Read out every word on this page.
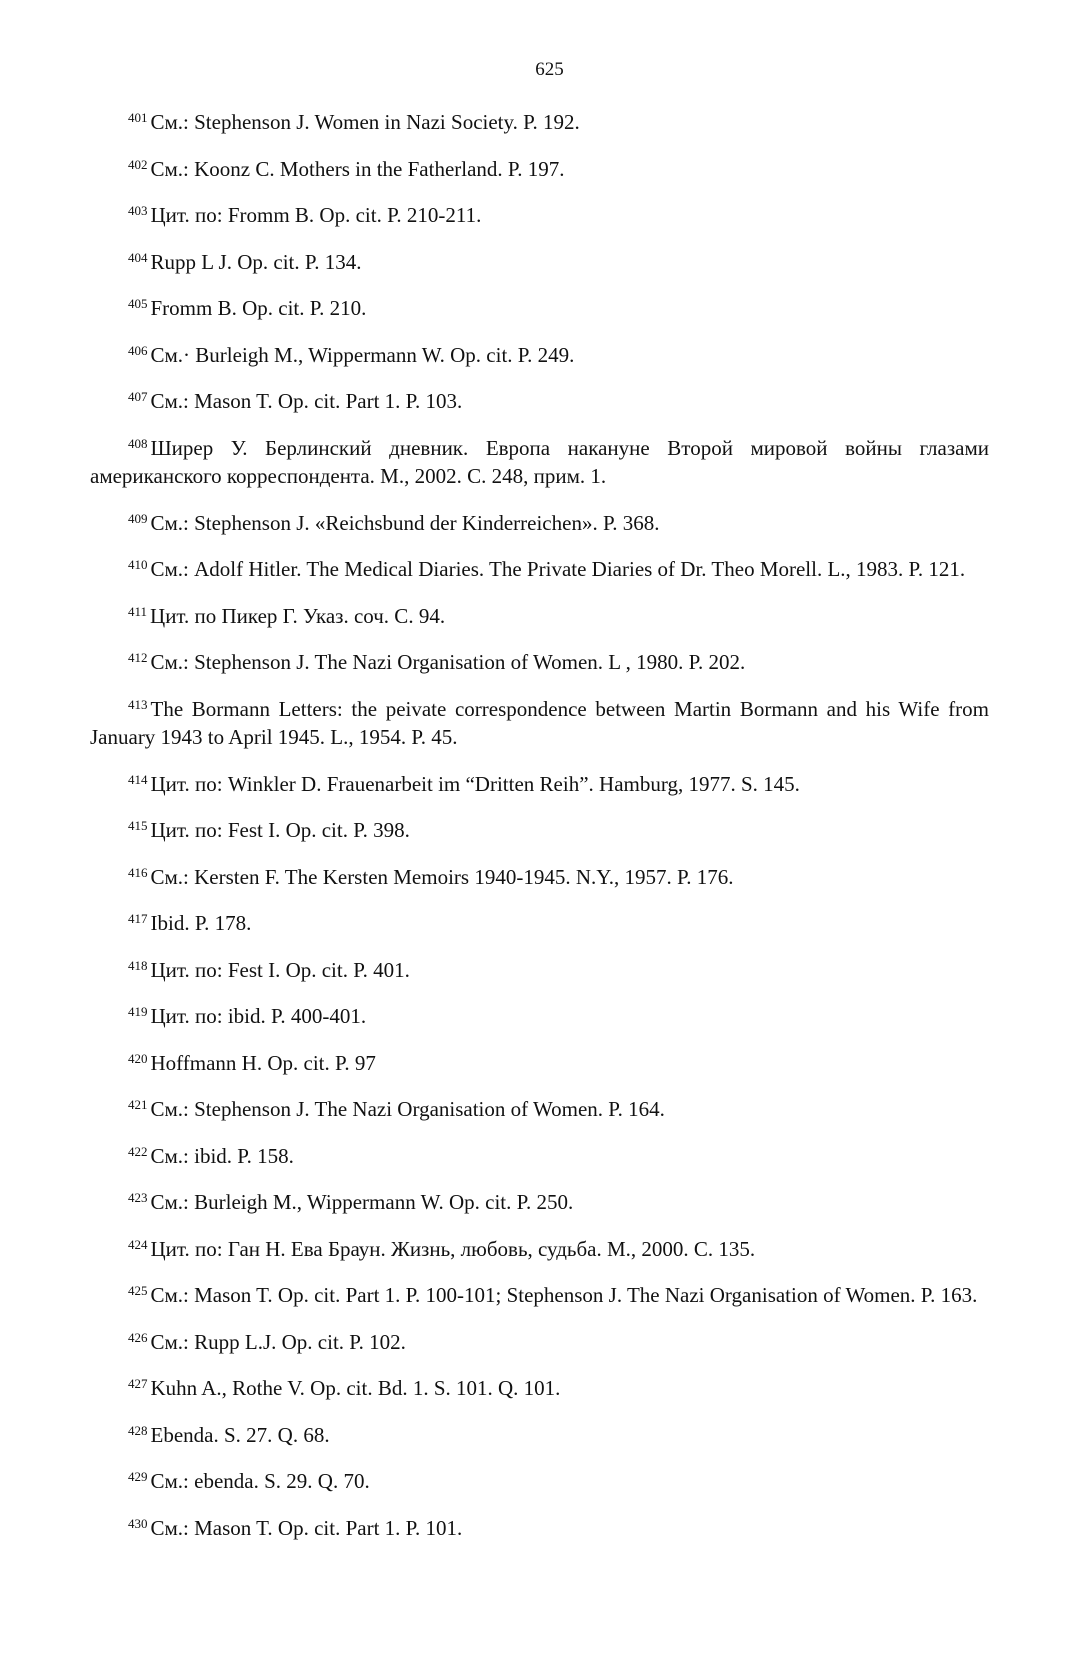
625
$^{401}$ См.: Stephenson J. Women in Nazi Society. P. 192.
$^{402}$ См.: Koonz C. Mothers in the Fatherland. P. 197.
$^{403}$ Цит. по: Fromm B. Op. cit. P. 210-211.
$^{404}$ Rupp L J. Op. cit. P. 134.
$^{405}$ Fromm B. Op. cit. P. 210.
$^{406}$ См.· Burleigh M., Wippermann W. Op. cit. P. 249.
$^{407}$ См.: Mason T. Op. cit. Part 1. P. 103.
$^{408}$ Ширер У. Берлинский дневник. Европа накануне Второй мировой войны глазами американского корреспондента. М., 2002. С. 248, прим. 1.
$^{409}$ См.: Stephenson J. «Reichsbund der Kinderreichen». P. 368.
$^{410}$ См.: Adolf Hitler. The Medical Diaries. The Private Diaries of Dr. Theo Morell. L., 1983. P. 121.
$^{411}$ Цит. по Пикер Г. Указ. соч. С. 94.
$^{412}$ См.: Stephenson J. The Nazi Organisation of Women. L , 1980. P. 202.
$^{413}$ The Bormann Letters: the peivate correspondence between Martin Bormann and his Wife from January 1943 to April 1945. L., 1954. P. 45.
$^{414}$ Цит. по: Winkler D. Frauenarbeit im “Dritten Reih”. Hamburg, 1977. S. 145.
$^{415}$ Цит. по: Fest I. Op. cit. P. 398.
$^{416}$ См.: Kersten F. The Kersten Memoirs 1940-1945. N.Y., 1957. P. 176.
$^{417}$ Ibid. P. 178.
$^{418}$ Цит. по: Fest I. Op. cit. P. 401.
$^{419}$ Цит. по: ibid. P. 400-401.
$^{420}$ Hoffmann H. Op. cit. P. 97
$^{421}$ См.: Stephenson J. The Nazi Organisation of Women. P. 164.
$^{422}$ См.: ibid. P. 158.
$^{423}$ См.: Burleigh M., Wippermann W. Op. cit. P. 250.
$^{424}$ Цит. по: Ган Н. Ева Браун. Жизнь, любовь, судьба. М., 2000. С. 135.
$^{425}$ См.: Mason T. Op. cit. Part 1. P. 100-101; Stephenson J. The Nazi Organisation of Women. P. 163.
$^{426}$ См.: Rupp L.J. Op. cit. P. 102.
$^{427}$ Kuhn A., Rothe V. Op. cit. Bd. 1. S. 101. Q. 101.
$^{428}$ Ebenda. S. 27. Q. 68.
$^{429}$ См.: ebenda. S. 29. Q. 70.
$^{430}$ См.: Mason T. Op. cit. Part 1. P. 101.
